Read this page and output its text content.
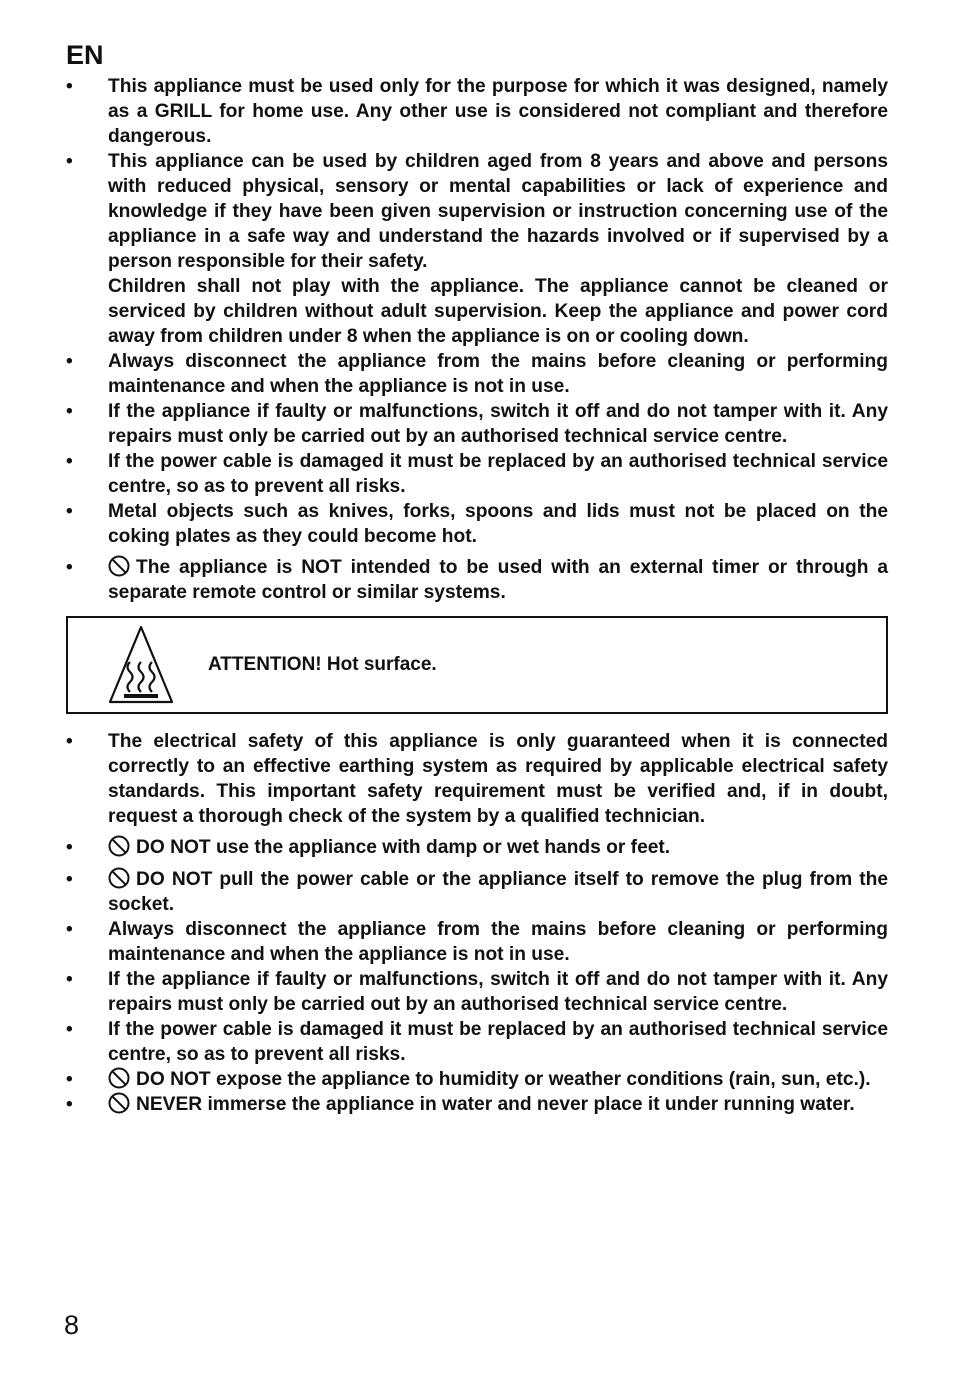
EN
• This appliance must be used only for the purpose for which it was designed, namely as a GRILL for home use. Any other use is considered not compliant and therefore dangerous.
• This appliance can be used by children aged from 8 years and above and persons with reduced physical, sensory or mental capabilities or lack of experience and knowledge if they have been given supervision or instruction concerning use of the appliance in a safe way and understand the hazards involved or if supervised by a person responsible for their safety.
Children shall not play with the appliance. The appliance cannot be cleaned or serviced by children without adult supervision. Keep the appliance and power cord away from children under 8 when the appliance is on or cooling down.
• Always disconnect the appliance from the mains before cleaning or performing maintenance and when the appliance is not in use.
• If the appliance if faulty or malfunctions, switch it off and do not tamper with it. Any repairs must only be carried out by an authorised technical service centre.
• If the power cable is damaged it must be replaced by an authorised technical service centre, so as to prevent all risks.
• Metal objects such as knives, forks, spoons and lids must not be placed on the coking plates as they could become hot.
•	The appliance is NOT intended to be used with an external timer or through a separate remote control or similar systems.
ATTENTION! Hot surface.
• The electrical safety of this appliance is only guaranteed when it is connected correctly to an effective earthing system as required by applicable electrical safety standards. This important safety requirement must be verified and, if in doubt, request a thorough check of the system by a qualified technician.
•	DO NOT use the appliance with damp or wet hands or feet.
•	DO NOT pull the power cable or the appliance itself to remove the plug from the socket.
• Always disconnect the appliance from the mains before cleaning or performing maintenance and when the appliance is not in use.
• If the appliance if faulty or malfunctions, switch it off and do not tamper with it. Any repairs must only be carried out by an authorised technical service centre.
• If the power cable is damaged it must be replaced by an authorised technical service centre, so as to prevent all risks.
•	DO NOT expose the appliance to humidity or weather conditions (rain, sun, etc.).
•	NEVER immerse the appliance in water and never place it under running water.
8
